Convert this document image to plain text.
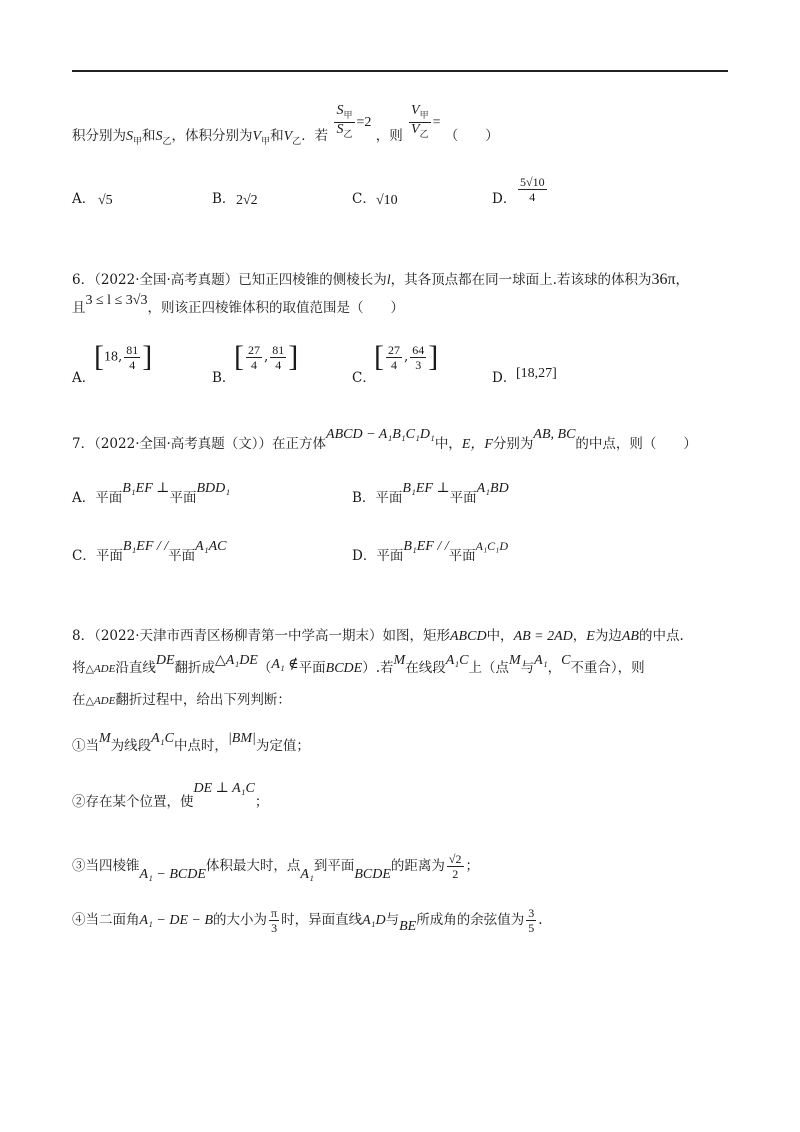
积分别为$S_甲$和$S_乙$，体积分别为$V_甲$和$V_乙$．若 $\frac{S_甲}{S_乙} =2$ ，则 $\frac{V_甲}{V_乙}$ = （　　）
A． √5	B． 2√2	C． √10	D． $\frac{5√10}{4}$
6．（2022·全国·高考真题）已知正四棱锥的侧棱长为l，其各顶点都在同一球面上.若该球的体积为36π，
且3 ≤ l ≤ 3√3，则该正四棱锥体积的取值范围是（　　）
A．
[18, $\frac{81}{4}$ ]
B．
[ $\frac{27}{4}$ , $\frac{81}{4}$ ]
C．
[ $\frac{27}{4}$ , $\frac{64}{3}$ ]
D． [18,27]
7．（2022·全国·高考真题（文））在正方体ABCD − A₁B₁C₁D₁中，E，F分别为AB, BC的中点，则（　　）
A．平面B₁EF ⊥平面BDD₁
B．平面B₁EF ⊥平面A₁BD
C．平面B₁EF / /平面A₁AC
D．平面B₁EF / /平面A₁C₁D
8．（2022·天津市西青区杨柳青第一中学高一期末）如图，矩形ABCD中，AB = 2AD，E为边AB的中点.
将△ADE沿直线DE翻折成△A₁DE（A₁ ∉平面BCDE）.若M在线段A₁C上（点M与A₁，C不重合），则
在△ADE翻折过程中，给出下列判断：
①当M为线段A₁C中点时，|BM|为定值；
②存在某个位置，使DE ⊥ A₁C；
③当四棱锥A₁ − BCDE体积最大时，点A₁到平面BCDE的距离为 $\frac{√2}{2}$ ；
④当二面角A₁ − DE − B的大小为 $\frac{\pi}{3}$ 时，异面直线A₁D与BE所成角的余弦值为 $\frac{3}{5}$ .
